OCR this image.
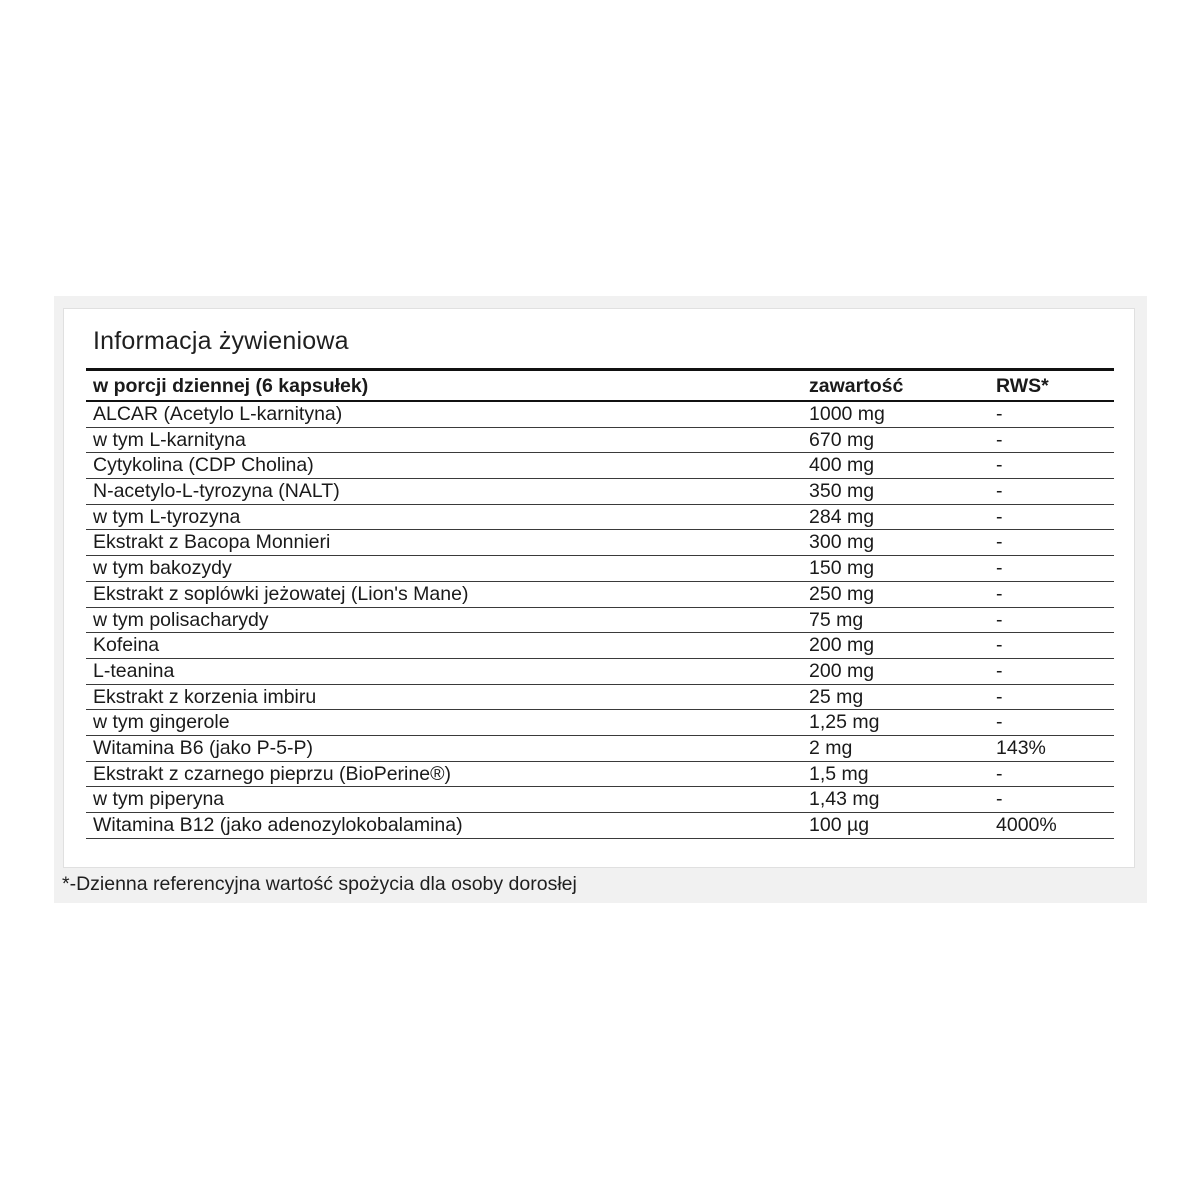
Informacja żywieniowa
w porcji dziennej (6 kapsułek)	zawartość	RWS*
ALCAR (Acetylo L-karnityna)	1000 mg	-
w tym L-karnityna	670 mg	-
Cytykolina (CDP Cholina)	400 mg	-
N-acetylo-L-tyrozyna (NALT)	350 mg	-
w tym L-tyrozyna	284 mg	-
Ekstrakt z Bacopa Monnieri	300 mg	-
w tym bakozydy	150 mg	-
Ekstrakt z soplówki jeżowatej (Lion's Mane)	250 mg	-
w tym polisacharydy	75 mg	-
Kofeina	200 mg	-
L-teanina	200 mg	-
Ekstrakt z korzenia imbiru	25 mg	-
w tym gingerole	1,25 mg	-
Witamina B6 (jako P-5-P)	2 mg	143%
Ekstrakt z czarnego pieprzu (BioPerine®)	1,5 mg	-
w tym piperyna	1,43 mg	-
Witamina B12 (jako adenozylokobalamina)	100 µg	4000%
*-Dzienna referencyjna wartość spożycia dla osoby dorosłej
